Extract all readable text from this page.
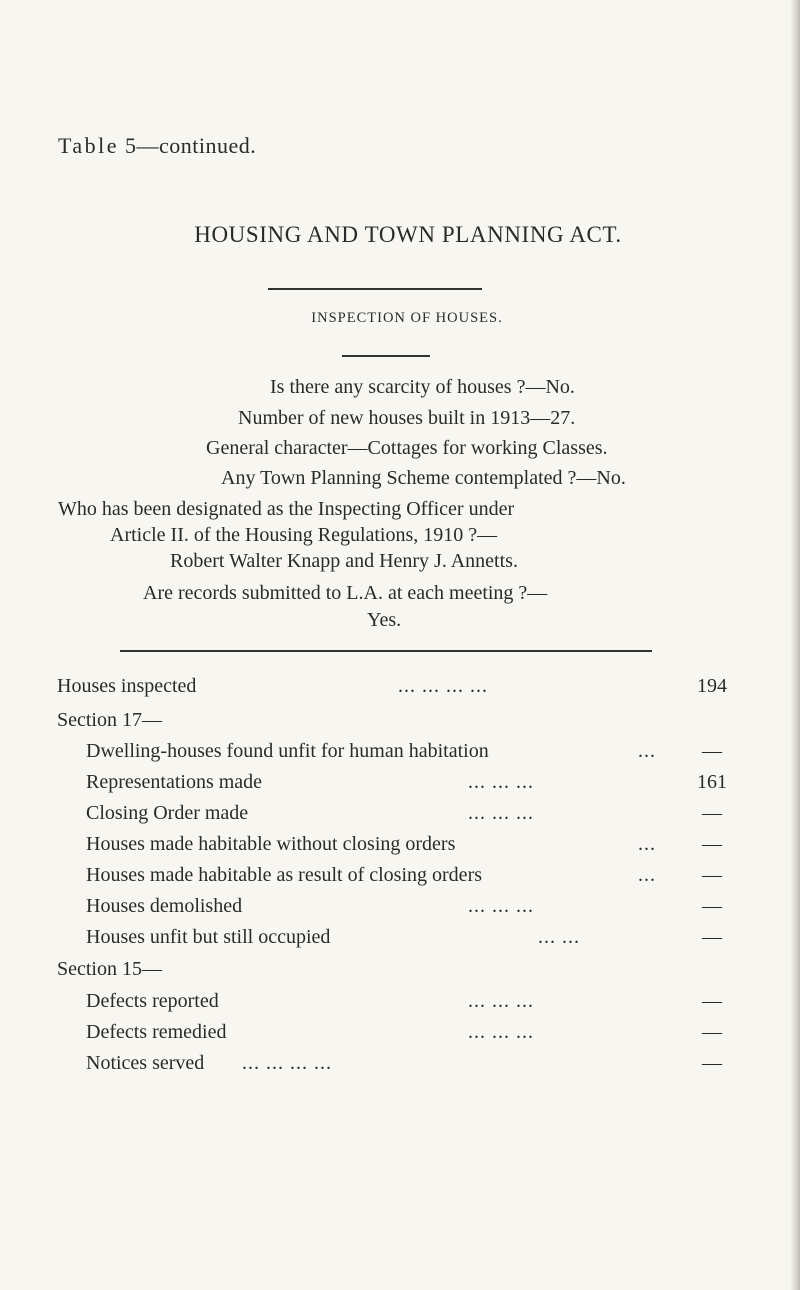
Table 5—continued.
HOUSING AND TOWN PLANNING ACT.
INSPECTION OF HOUSES.
Is there any scarcity of houses ?—No.
Number of new houses built in 1913—27.
General character—Cottages for working Classes.
Any Town Planning Scheme contemplated ?—No.
Who has been designated as the Inspecting Officer under
Article II. of the Housing Regulations, 1910 ?—
Robert Walter Knapp and Henry J. Annetts.
Are records submitted to L.A. at each meeting ?—
Yes.
Houses inspected	... ... ... ...	194
Section 17—
Dwelling-houses found unfit for human habitation	...	—
Representations made	... ... ...	161
Closing Order made	... ... ...	—
Houses made habitable without closing orders	...	—
Houses made habitable as result of closing orders	...	—
Houses demolished	... ... ...	—
Houses unfit but still occupied	... ...	—
Section 15—
Defects reported	... ... ...	—
Defects remedied	... ... ...	—
Notices served ... ... ... ...	—
